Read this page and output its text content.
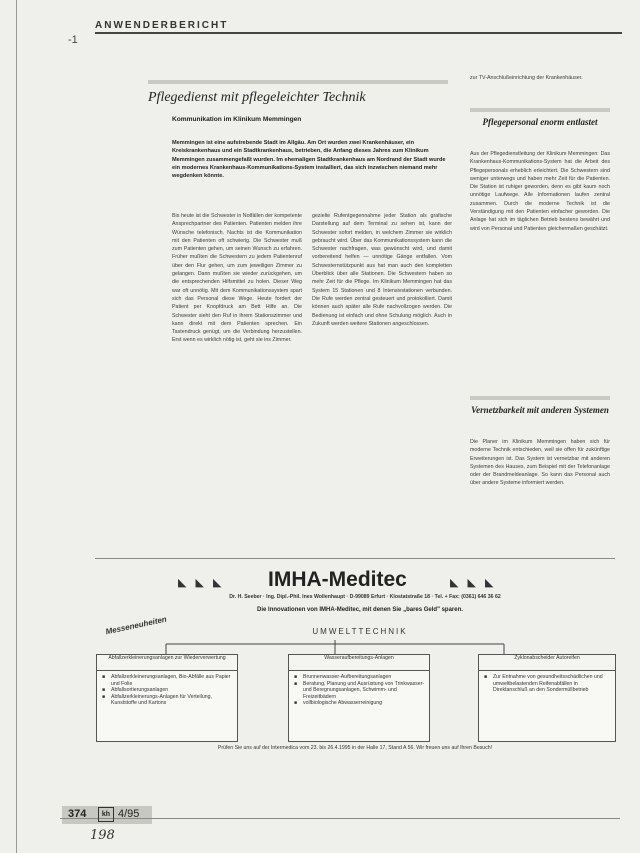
ANWENDERBERICHT
-1
Pflegedienst mit pflegeleichter Technik
Kommunikation im Klinikum Memmingen
Memmingen ist eine aufstrebende Stadt im Allgäu. Am Ort wurden zwei Krankenhäuser, ein Kreiskrankenhaus und ein Stadtkrankenhaus, betrieben, die Anfang dieses Jahres zum Klinikum Memmingen zusammengefaßt wurden. Im ehemaligen Stadtkrankenhaus am Nordrand der Stadt wurde ein modernes Krankenhaus-Kommunikations-System installiert, das sich inzwischen niemand mehr wegdenken könnte.
Bis heute ist die Schwester in Notfällen der kompetente Ansprechpartner des Patienten. Patienten melden ihre Wünsche telefonisch. Nachts ist die Kommunikation mit den Patienten oft schwierig. Die Schwester muß zum Patienten gehen, um seinen Wunsch zu erfahren. Früher mußten die Schwestern zu jedem Patientenruf über den Flur gehen, um zum jeweiligen Zimmer zu gelangen. Dann mußten sie wieder zurückgehen, um die entsprechenden Hilfsmittel zu holen. Dieser Weg war oft unnötig. Mit dem Kommunikationssystem spart sich das Personal diese Wege. Heute fordert der Patient per Knopfdruck am Bett Hilfe an. Die Schwester sieht den Ruf in ihrem Stationszimmer und kann direkt mit dem Patienten sprechen. Ein Tastendruck genügt, um die Verbindung herzustellen. Erst wenn es wirklich nötig ist, geht sie ins Zimmer.
gezielte Rufentgegennahme jeder Station als grafische Darstellung auf dem Terminal zu sehen ist, kann der Schwester sofort melden, in welchem Zimmer sie wirklich gebraucht wird. Über das Kommunikationssystem kann die Schwester nachfragen, was gewünscht wird, und damit vorbereitend helfen — unnötige Gänge entfallen. Vom Schwesternstützpunkt aus hat man auch den kompletten Überblick über alle Stationen. Die Schwestern haben so mehr Zeit für die Pflege. Im Klinikum Memmingen hat das System 15 Stationen und 8 Intensivstationen verbunden. Die Rufe werden zentral gesteuert und protokolliert. Damit können auch später alle Rufe nachvollzogen werden. Die Bedienung ist einfach und ohne Schulung möglich. Auch in Zukunft werden weitere Stationen angeschlossen.
zur TV-Anschlußeinrichtung der Krankenhäuser.
Pflegepersonal enorm entlastet
Aus der Pflegedienstleitung der Klinikum Memmingen: Das Krankenhaus-Kommunikations-System hat die Arbeit des Pflegepersonals erheblich erleichtert. Die Schwestern sind weniger unterwegs und haben mehr Zeit für die Patienten. Die Station ist ruhiger geworden, denn es gibt kaum noch unnötige Laufwege. Alle Informationen laufen zentral zusammen. Durch die moderne Technik ist die Verständigung mit den Patienten einfacher geworden. Die Anlage hat sich im täglichen Betrieb bestens bewährt und wird von Personal und Patienten gleichermaßen geschätzt.
Vernetzbarkeit mit anderen Systemen
Die Planer im Klinikum Memmingen haben sich für moderne Technik entschieden, weil sie offen für zukünftige Erweiterungen ist. Das System ist vernetzbar mit anderen Systemen des Hauses, zum Beispiel mit der Telefonanlage oder der Brandmeldeanlage. So kann das Personal auch über andere Systeme informiert werden.
◣ ◣ ◣ IMHA-Meditec	◣ ◣ ◣
Dr. H. Seeber · Ing. Dipl.-Phil. Ines Wollenhaupt · D-99089 Erfurt · Klostatstraße 18 · Tel. + Fax: (0361) 646 36 62
Die Innovationen von IMHA-Meditec, mit denen Sie „bares Geld" sparen.
Messeneuheiten	UMWELTTECHNIK
Abfallzerkleinerungsanlagen zur Wiederverwertung	Wasseraufbereitungs-Anlagen	Zyklonabscheider Autoreifen
■ Abfallzerkleinerungsanlagen, Bio-Abfälle aus Papier und Folie
■ Abfallsortierungsanlagen
■ Abfallzerkleinerungs-Anlagen für Verteilung, Kunststoffe und Kartons
■ Brunnenwasser-Aufbereitungsanlagen
■ Beratung, Planung und Ausrüstung von Trinkwasser- und Beregnungsanlagen, Schwimm- und Freizeitbädern
■ vollbiologische Abwasserreinigung
■ Zur Entnahme von gesundheitsschädlichen und umweltbelastenden Reifenabfällen in Direktanschluß an den Sondermüllbetrieb
Prüfen Sie uns auf der Intermedica vom 23. bis 26.4.1995 in der Halle 17, Stand A 56. Wir freuen uns auf Ihren Besuch!
374	kh 4/95
198
